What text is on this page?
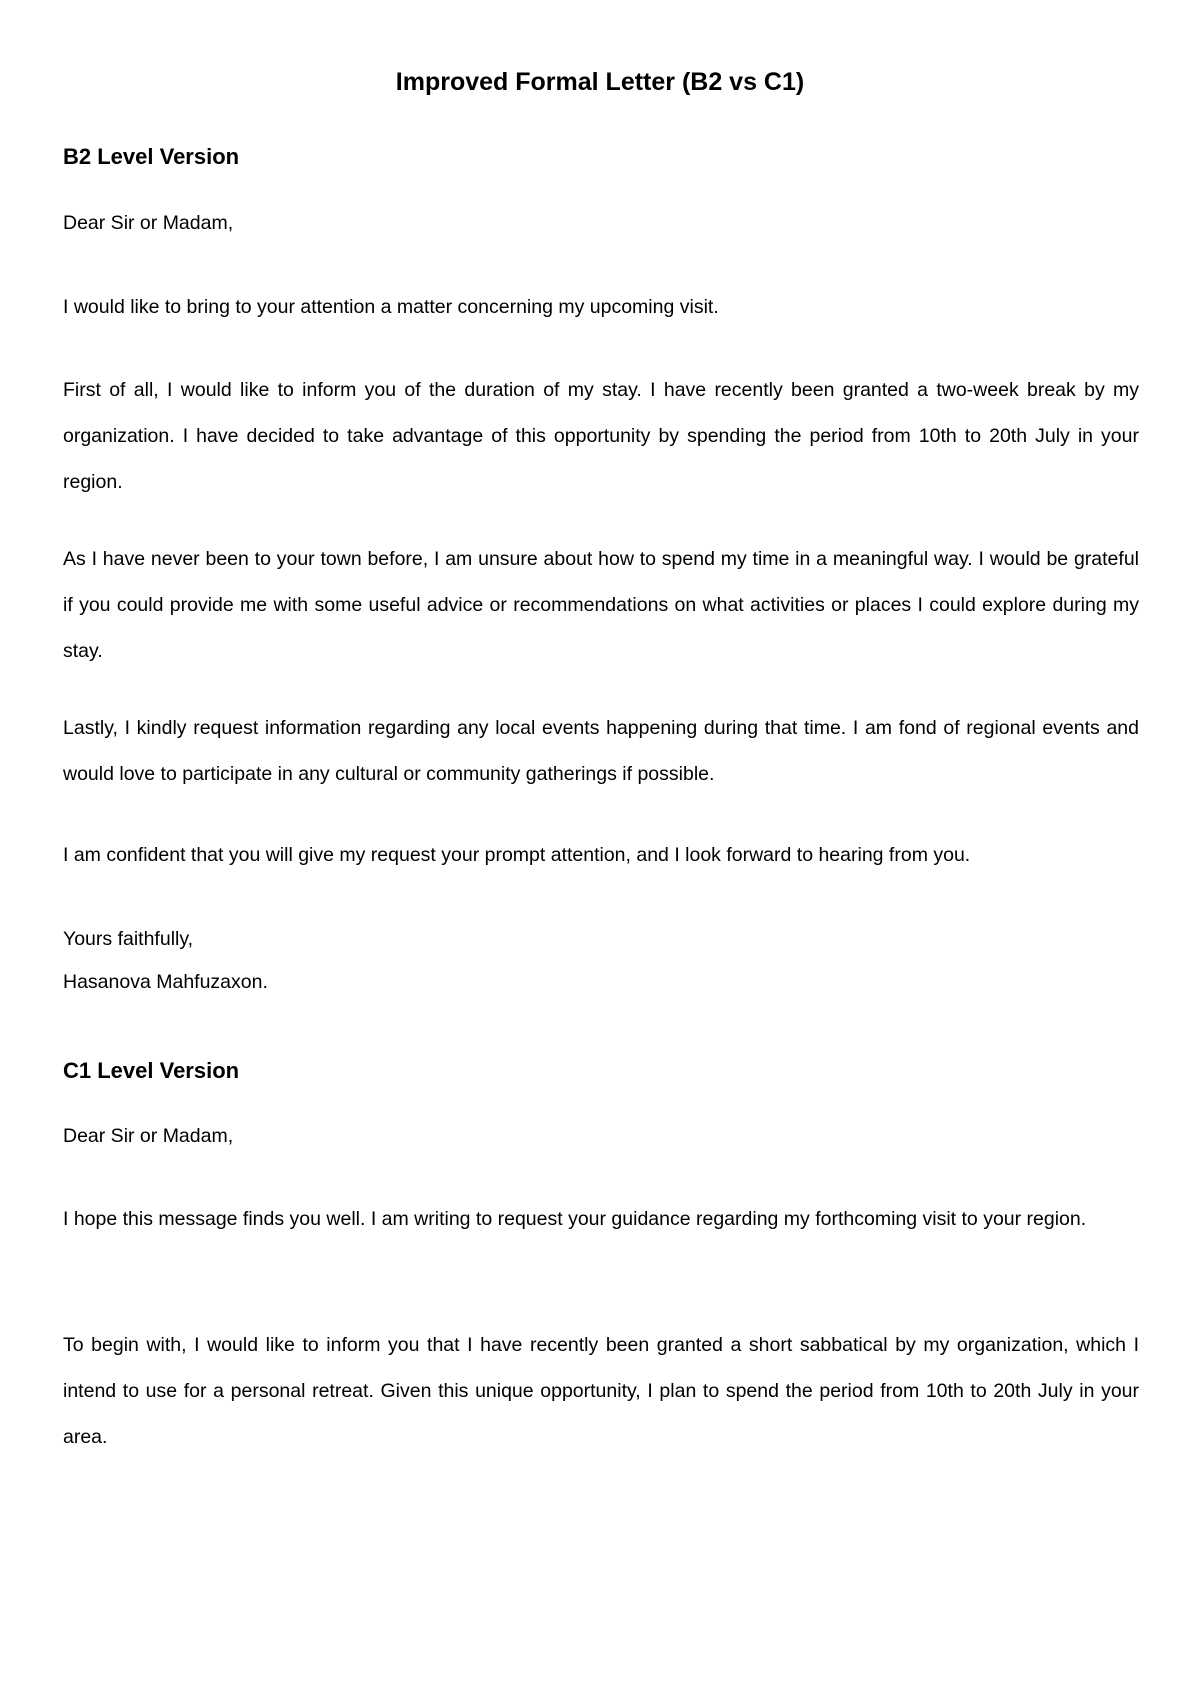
Improved Formal Letter (B2 vs C1)
B2 Level Version

Dear Sir or Madam,

I would like to bring to your attention a matter concerning my upcoming visit.

First of all, I would like to inform you of the duration of my stay. I have recently been granted a two-week break by my organization. I have decided to take advantage of this opportunity by spending the period from 10th to 20th July in your region.

As I have never been to your town before, I am unsure about how to spend my time in a meaningful way. I would be grateful if you could provide me with some useful advice or recommendations on what activities or places I could explore during my stay.

Lastly, I kindly request information regarding any local events happening during that time. I am fond of regional events and would love to participate in any cultural or community gatherings if possible.

I am confident that you will give my request your prompt attention, and I look forward to hearing from you.

Yours faithfully,

Hasanova Mahfuzaxon.

C1 Level Version

Dear Sir or Madam,

I hope this message finds you well. I am writing to request your guidance regarding my forthcoming visit to your region.

To begin with, I would like to inform you that I have recently been granted a short sabbatical by my organization, which I intend to use for a personal retreat. Given this unique opportunity, I plan to spend the period from 10th to 20th July in your area.
